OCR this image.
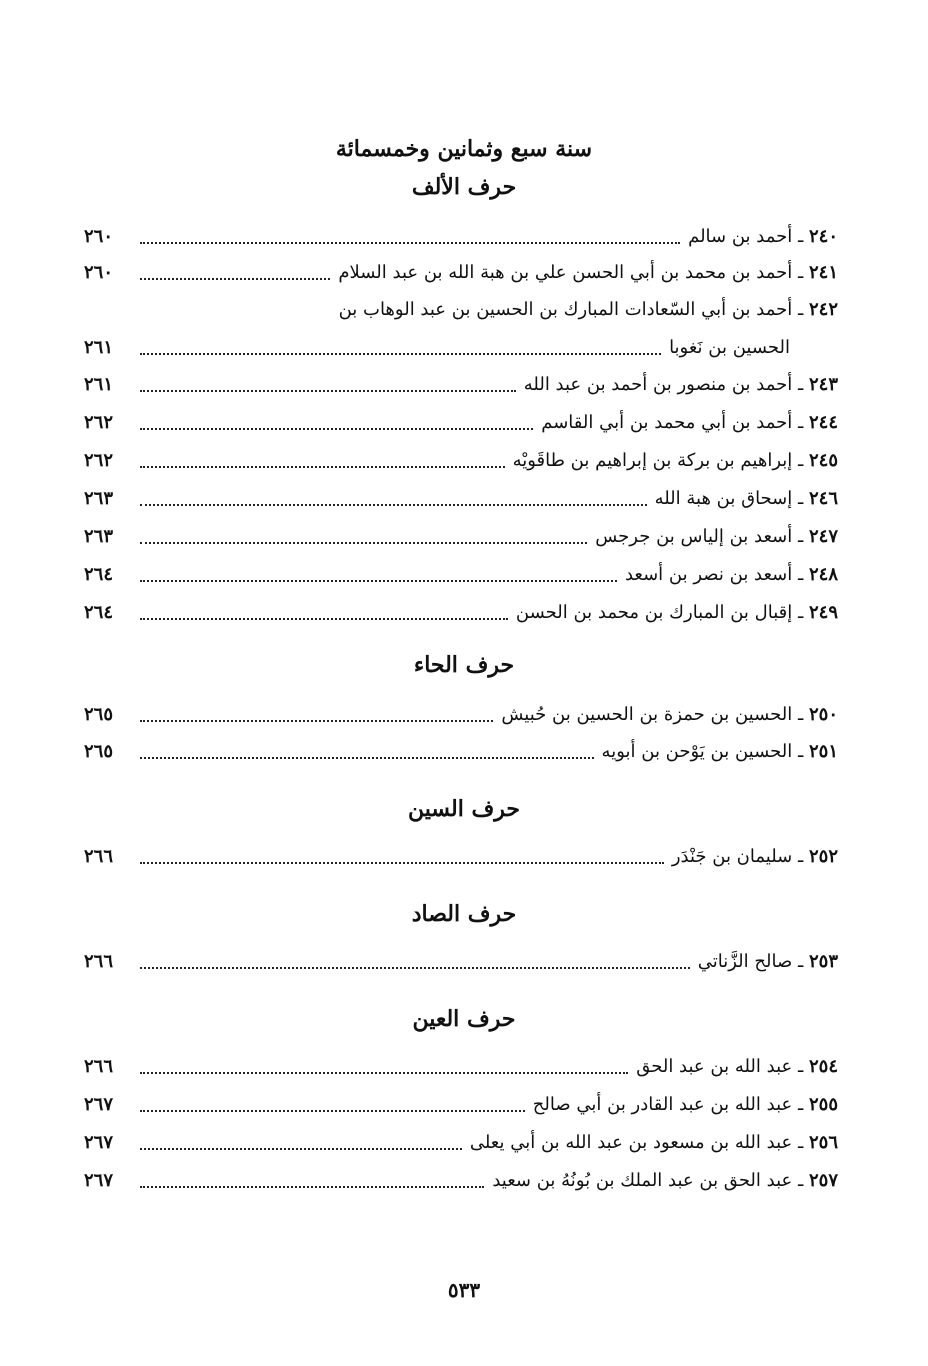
سنة سبع وثمانين وخمسمائة
حرف الألف
٢٤٠ ـ أحمد بن سالم
٢٦٠
٢٤١ ـ أحمد بن محمد بن أبي الحسن علي بن هبة الله بن عبد السلام
٢٦٠
٢٤٢ ـ أحمد بن أبي السّعادات المبارك بن الحسين بن عبد الوهاب بن
الحسين بن نَغوبا
٢٦١
٢٤٣ ـ أحمد بن منصور بن أحمد بن عبد الله
٢٦١
٢٤٤ ـ أحمد بن أبي محمد بن أبي القاسم
٢٦٢
٢٤٥ ـ إبراهيم بن بركة بن إبراهيم بن طاقَويْه
٢٦٢
٢٤٦ ـ إسحاق بن هبة الله
٢٦٣
٢٤٧ ـ أسعد بن إلياس بن جرجس
٢٦٣
٢٤٨ ـ أسعد بن نصر بن أسعد
٢٦٤
٢٤٩ ـ إقبال بن المبارك بن محمد بن الحسن
٢٦٤
حرف الحاء
٢٥٠ ـ الحسين بن حمزة بن الحسين بن حُبيش
٢٦٥
٢٥١ ـ الحسين بن يَوْحن بن أبويه
٢٦٥
حرف السين
٢٥٢ ـ سليمان بن جَنْدَر
٢٦٦
حرف الصاد
٢٥٣ ـ صالح الزَّناتي
٢٦٦
حرف العين
٢٥٤ ـ عبد الله بن عبد الحق
٢٦٦
٢٥٥ ـ عبد الله بن عبد القادر بن أبي صالح
٢٦٧
٢٥٦ ـ عبد الله بن مسعود بن عبد الله بن أبي يعلى
٢٦٧
٢٥٧ ـ عبد الحق بن عبد الملك بن بُونُهُ بن سعيد
٢٦٧
٥٣٣
